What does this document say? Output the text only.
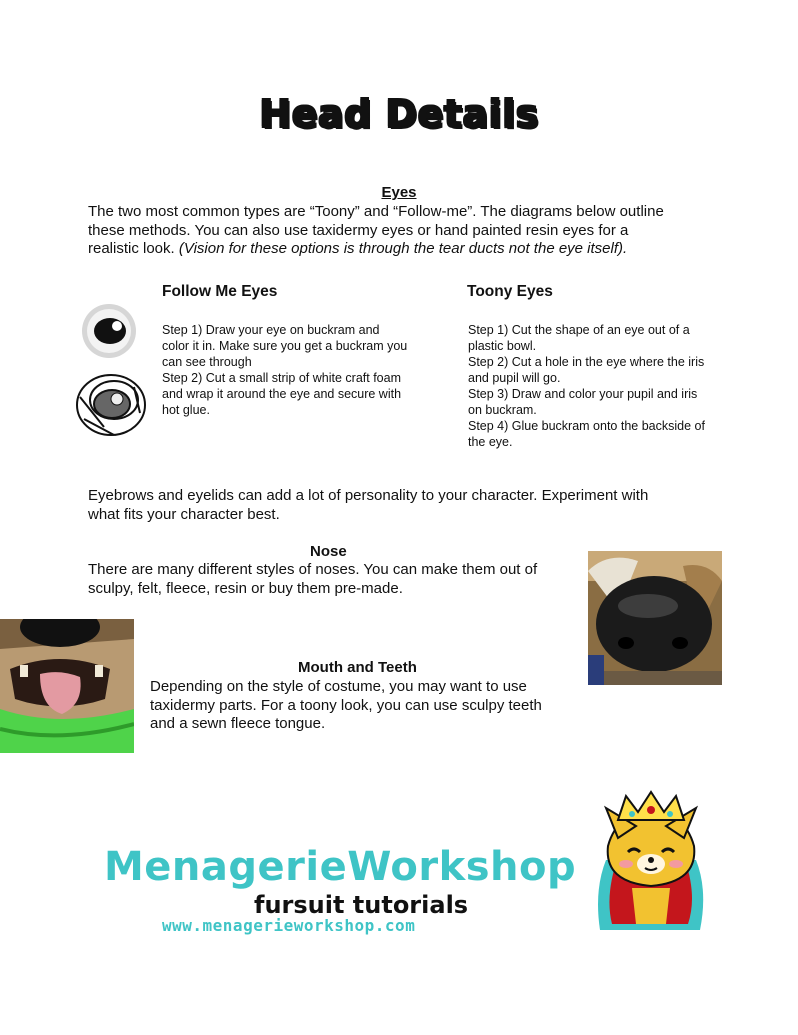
Head Details
Eyes
The two most common types are “Toony” and “Follow-me”. The diagrams below outline
these methods. You can also use taxidermy eyes or hand painted resin eyes for a
realistic look. (Vision for these options is through the tear ducts not the eye itself).
Follow Me Eyes
Step 1) Draw your eye on buckram and
color it in. Make sure you get a buckram you
can see through
Step 2) Cut a small strip of white craft foam
and wrap it around the eye and secure with
hot glue.
Toony Eyes
Step 1) Cut the shape of an eye out of a
plastic bowl.
Step 2) Cut a hole in the eye where the iris
and pupil will go.
Step 3) Draw and color your pupil and iris
on buckram.
Step 4) Glue buckram onto the backside of
the eye.
Eyebrows and eyelids can add a lot of personality to your character. Experiment with
what fits your character best.
Nose
There are many different styles of noses. You can make them out of
sculpy, felt, fleece, resin or buy them pre-made.
Mouth and Teeth
Depending on the style of costume, you may want to use
taxidermy parts. For a toony look, you can use sculpy teeth
and a sewn fleece tongue.
MenagerieWorkshop
fursuit tutorials
www.menagerieworkshop.com
